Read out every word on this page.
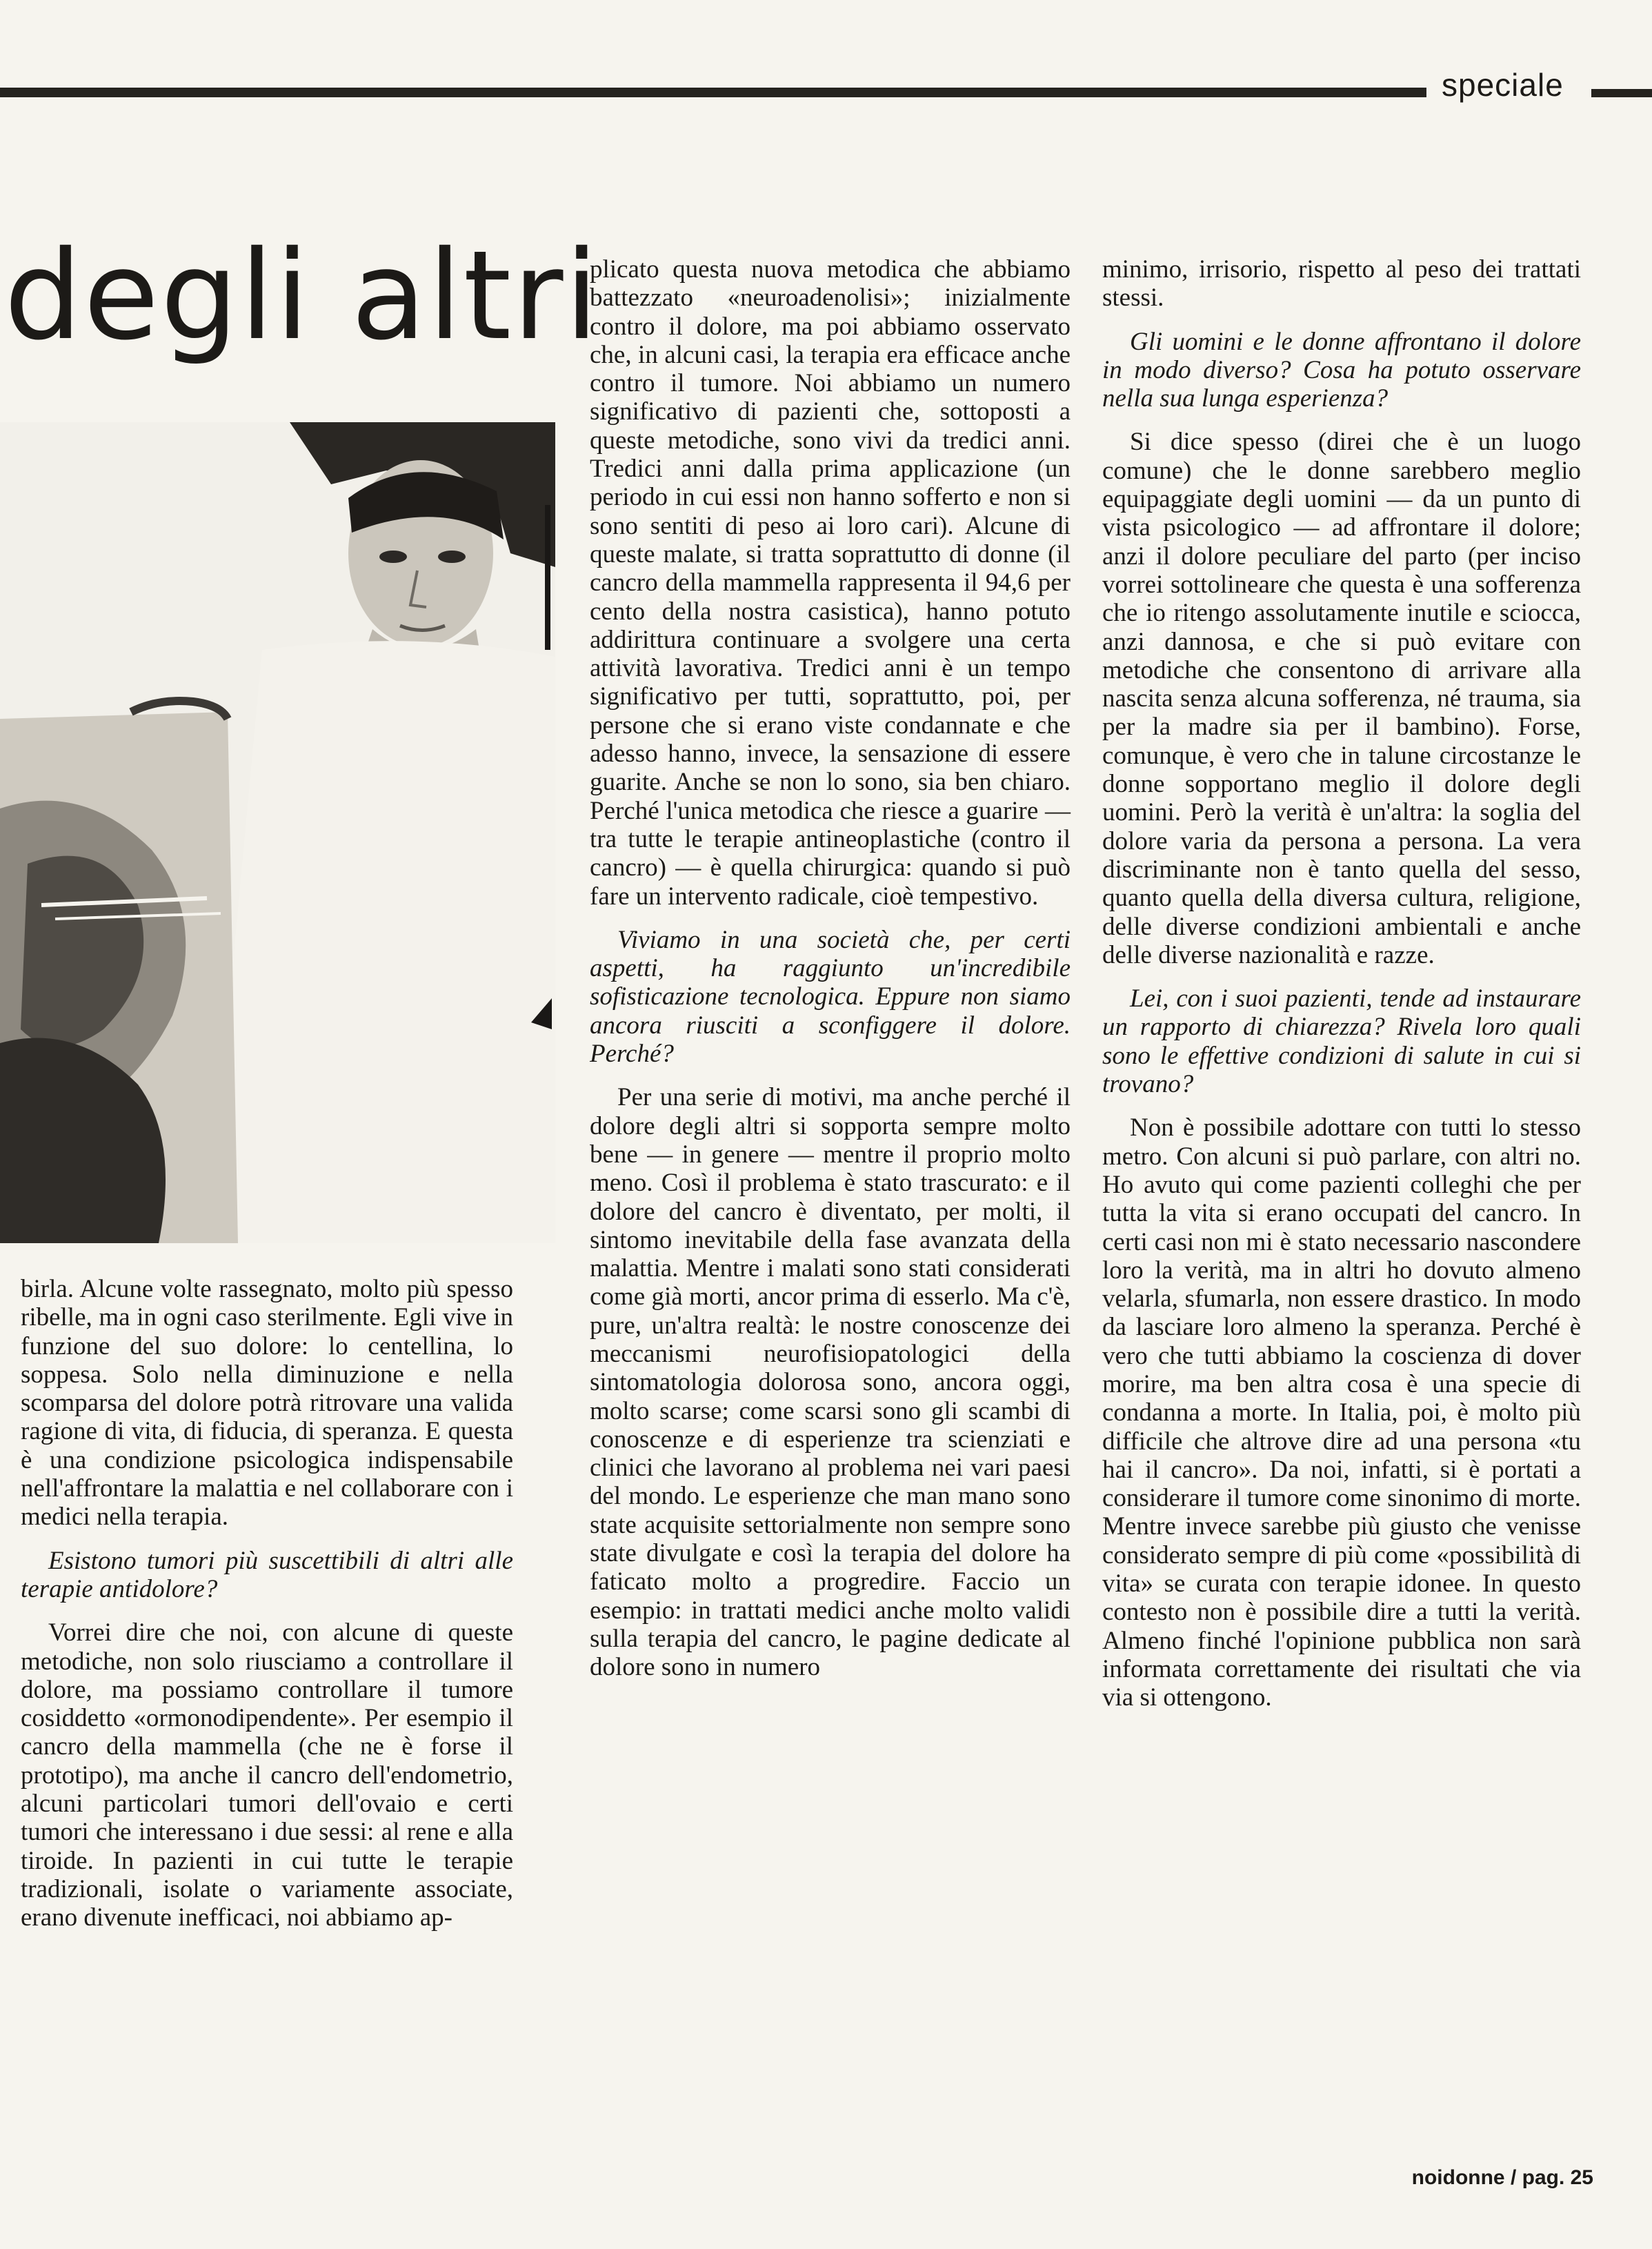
speciale
degli altri

birla. Alcune volte rassegnato, molto più spesso ribelle, ma in ogni caso sterilmente. Egli vive in funzione del suo dolore: lo centellina, lo soppesa. Solo nella diminuzione e nella scomparsa del dolore potrà ritrovare una valida ragione di vita, di fiducia, di speranza. E questa è una condizione psicologica indispensabile nell'affrontare la malattia e nel collaborare con i medici nella terapia.

Esistono tumori più suscettibili di altri alle terapie antidolore?

Vorrei dire che noi, con alcune di queste metodiche, non solo riusciamo a controllare il dolore, ma possiamo controllare il tumore cosiddetto «ormonodipendente». Per esempio il cancro della mammella (che ne è forse il prototipo), ma anche il cancro dell'endometrio, alcuni particolari tumori dell'ovaio e certi tumori che interessano i due sessi: al rene e alla tiroide. In pazienti in cui tutte le terapie tradizionali, isolate o variamente associate, erano divenute inefficaci, noi abbiamo ap-

plicato questa nuova metodica che abbiamo battezzato «neuroadenolisi»; inizialmente contro il dolore, ma poi abbiamo osservato che, in alcuni casi, la terapia era efficace anche contro il tumore. Noi abbiamo un numero significativo di pazienti che, sottoposti a queste metodiche, sono vivi da tredici anni. Tredici anni dalla prima applicazione (un periodo in cui essi non hanno sofferto e non si sono sentiti di peso ai loro cari). Alcune di queste malate, si tratta soprattutto di donne (il cancro della mammella rappresenta il 94,6 per cento della nostra casistica), hanno potuto addirittura continuare a svolgere una certa attività lavorativa. Tredici anni è un tempo significativo per tutti, soprattutto, poi, per persone che si erano viste condannate e che adesso hanno, invece, la sensazione di essere guarite. Anche se non lo sono, sia ben chiaro. Perché l'unica metodica che riesce a guarire — tra tutte le terapie antineoplastiche (contro il cancro) — è quella chirurgica: quando si può fare un intervento radicale, cioè tempestivo.

Viviamo in una società che, per certi aspetti, ha raggiunto un'incredibile sofisticazione tecnologica. Eppure non siamo ancora riusciti a sconfiggere il dolore. Perché?

Per una serie di motivi, ma anche perché il dolore degli altri si sopporta sempre molto bene — in genere — mentre il proprio molto meno. Così il problema è stato trascurato: e il dolore del cancro è diventato, per molti, il sintomo inevitabile della fase avanzata della malattia. Mentre i malati sono stati considerati come già morti, ancor prima di esserlo. Ma c'è, pure, un'altra realtà: le nostre conoscenze dei meccanismi neurofisiopatologici della sintomatologia dolorosa sono, ancora oggi, molto scarse; come scarsi sono gli scambi di conoscenze e di esperienze tra scienziati e clinici che lavorano al problema nei vari paesi del mondo. Le esperienze che man mano sono state acquisite settorialmente non sempre sono state divulgate e così la terapia del dolore ha faticato molto a progredire. Faccio un esempio: in trattati medici anche molto validi sulla terapia del cancro, le pagine dedicate al dolore sono in numero

minimo, irrisorio, rispetto al peso dei trattati stessi.

Gli uomini e le donne affrontano il dolore in modo diverso? Cosa ha potuto osservare nella sua lunga esperienza?

Si dice spesso (direi che è un luogo comune) che le donne sarebbero meglio equipaggiate degli uomini — da un punto di vista psicologico — ad affrontare il dolore; anzi il dolore peculiare del parto (per inciso vorrei sottolineare che questa è una sofferenza che io ritengo assolutamente inutile e sciocca, anzi dannosa, e che si può evitare con metodiche che consentono di arrivare alla nascita senza alcuna sofferenza, né trauma, sia per la madre sia per il bambino). Forse, comunque, è vero che in talune circostanze le donne sopportano meglio il dolore degli uomini. Però la verità è un'altra: la soglia del dolore varia da persona a persona. La vera discriminante non è tanto quella del sesso, quanto quella della diversa cultura, religione, delle diverse condizioni ambientali e anche delle diverse nazionalità e razze.

Lei, con i suoi pazienti, tende ad instaurare un rapporto di chiarezza? Rivela loro quali sono le effettive condizioni di salute in cui si trovano?

Non è possibile adottare con tutti lo stesso metro. Con alcuni si può parlare, con altri no. Ho avuto qui come pazienti colleghi che per tutta la vita si erano occupati del cancro. In certi casi non mi è stato necessario nascondere loro la verità, ma in altri ho dovuto almeno velarla, sfumarla, non essere drastico. In modo da lasciare loro almeno la speranza. Perché è vero che tutti abbiamo la coscienza di dover morire, ma ben altra cosa è una specie di condanna a morte. In Italia, poi, è molto più difficile che altrove dire ad una persona «tu hai il cancro». Da noi, infatti, si è portati a considerare il tumore come sinonimo di morte. Mentre invece sarebbe più giusto che venisse considerato sempre di più come «possibilità di vita» se curata con terapie idonee. In questo contesto non è possibile dire a tutti la verità. Almeno finché l'opinione pubblica non sarà informata correttamente dei risultati che via via si ottengono.

noidonne / pag. 25
